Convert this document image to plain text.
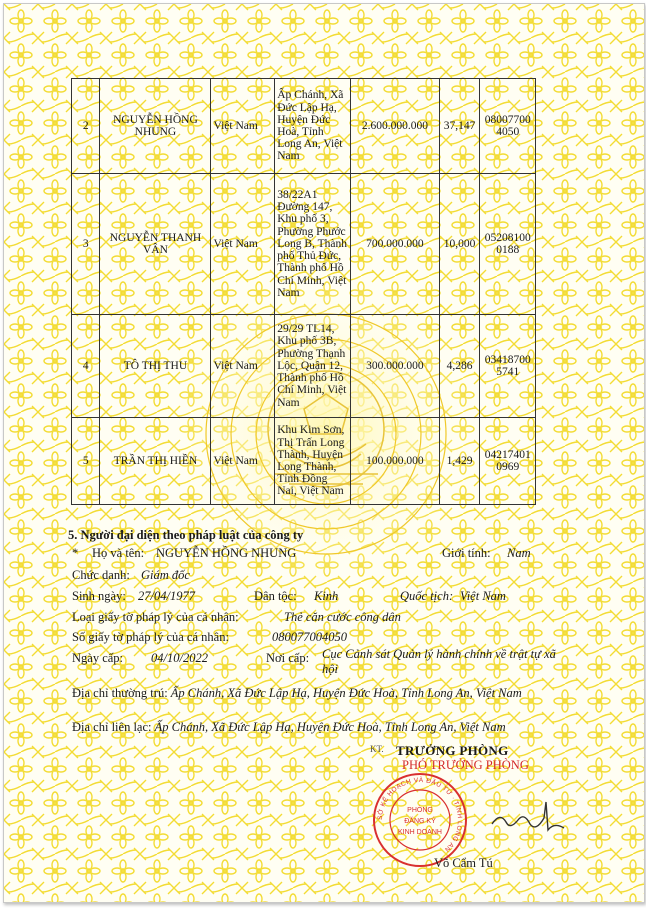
2	NGUYỄN HỒNG NHUNG	Việt Nam	Ấp Chánh, Xã Đức Lập Hạ, Huyện Đức Hoà, Tỉnh Long An, Việt Nam	2.600.000.000	37,147	080077004050
3	NGUYỄN THANH VÂN	Việt Nam	38/22A1 Đường 147, Khu phố 3, Phường Phước Long B, Thành phố Thủ Đức, Thành phố Hồ Chí Minh, Việt Nam	700.000.000	10,000	052081000188
4	TÔ THỊ THU	Việt Nam	29/29 TL14, Khu phố 3B, Phường Thạnh Lộc, Quận 12, Thành phố Hồ Chí Minh, Việt Nam	300.000.000	4,286	034187005741
5	TRẦN THỊ HIỀN	Việt Nam	Khu Kim Sơn, Thị Trấn Long Thành, Huyện Long Thành, Tỉnh Đồng Nai, Việt Nam	100.000.000	1,429	042174010969
5. Người đại diện theo pháp luật của công ty
* Họ và tên: NGUYỄN HỒNG NHUNG	Giới tính: Nam
Chức danh: Giám đốc
Sinh ngày: 27/04/1977	Dân tộc: Kinh	Quốc tịch: Việt Nam
Loại giấy tờ pháp lý của cá nhân:	Thẻ căn cước công dân
Số giấy tờ pháp lý của cá nhân:	080077004050
Ngày cấp: 04/10/2022	Nơi cấp: Cục Cảnh sát Quản lý hành chính về trật tự xã hội
Địa chỉ thường trú: Ấp Chánh, Xã Đức Lập Hạ, Huyện Đức Hoà, Tỉnh Long An, Việt Nam
Địa chỉ liên lạc: Ấp Chánh, Xã Đức Lập Hạ, Huyện Đức Hoà, Tỉnh Long An, Việt Nam
KT. TRƯỞNG PHÒNG
PHÓ TRƯỞNG PHÒNG
SỞ KẾ HOẠCH VÀ ĐẦU TƯ · TỈNH LONG AN
PHÒNG
ĐĂNG KÝ
KINH DOANH
Võ Cẩm Tú
